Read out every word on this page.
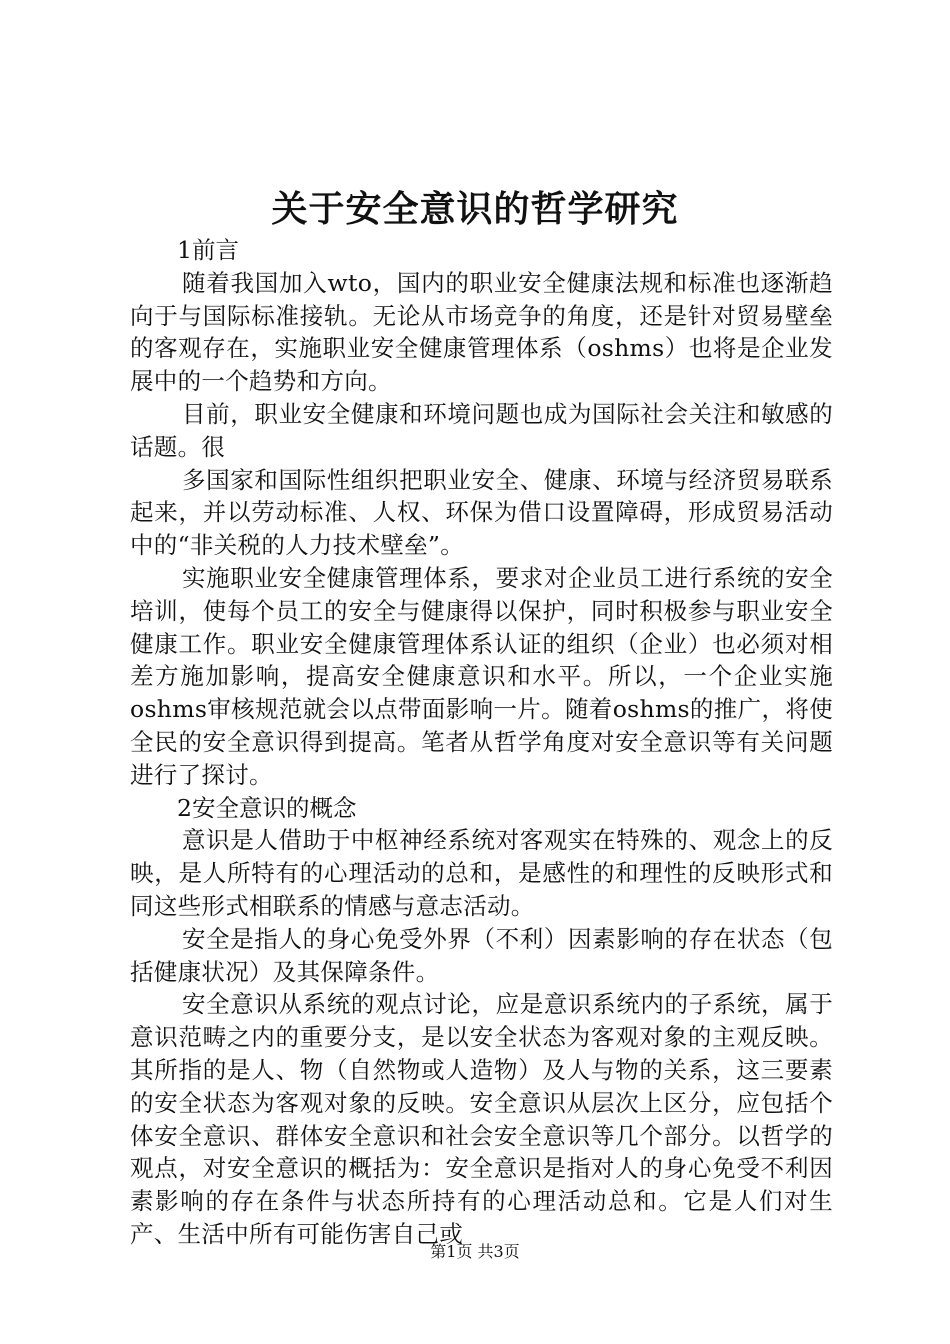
关于安全意识的哲学研究

1前言

随着我国加入wto，国内的职业安全健康法规和标准也逐渐趋向于与国际标准接轨。无论从市场竞争的角度，还是针对贸易壁垒的客观存在，实施职业安全健康管理体系（oshms）也将是企业发展中的一个趋势和方向。

目前，职业安全健康和环境问题也成为国际社会关注和敏感的话题。很

多国家和国际性组织把职业安全、健康、环境与经济贸易联系起来，并以劳动标准、人权、环保为借口设置障碍，形成贸易活动中的“非关税的人力技术壁垒”。

实施职业安全健康管理体系，要求对企业员工进行系统的安全培训，使每个员工的安全与健康得以保护，同时积极参与职业安全健康工作。职业安全健康管理体系认证的组织（企业）也必须对相差方施加影响，提高安全健康意识和水平。所以，一个企业实施oshms审核规范就会以点带面影响一片。随着oshms的推广，将使全民的安全意识得到提高。笔者从哲学角度对安全意识等有关问题进行了探讨。

2安全意识的概念

意识是人借助于中枢神经系统对客观实在特殊的、观念上的反映，是人所特有的心理活动的总和，是感性的和理性的反映形式和同这些形式相联系的情感与意志活动。

安全是指人的身心免受外界（不利）因素影响的存在状态（包括健康状况）及其保障条件。

安全意识从系统的观点讨论，应是意识系统内的子系统，属于意识范畴之内的重要分支，是以安全状态为客观对象的主观反映。其所指的是人、物（自然物或人造物）及人与物的关系，这三要素的安全状态为客观对象的反映。安全意识从层次上区分，应包括个体安全意识、群体安全意识和社会安全意识等几个部分。以哲学的观点，对安全意识的概括为：安全意识是指对人的身心免受不利因素影响的存在条件与状态所持有的心理活动总和。它是人们对生产、生活中所有可能伤害自己或

第1页 共3页
